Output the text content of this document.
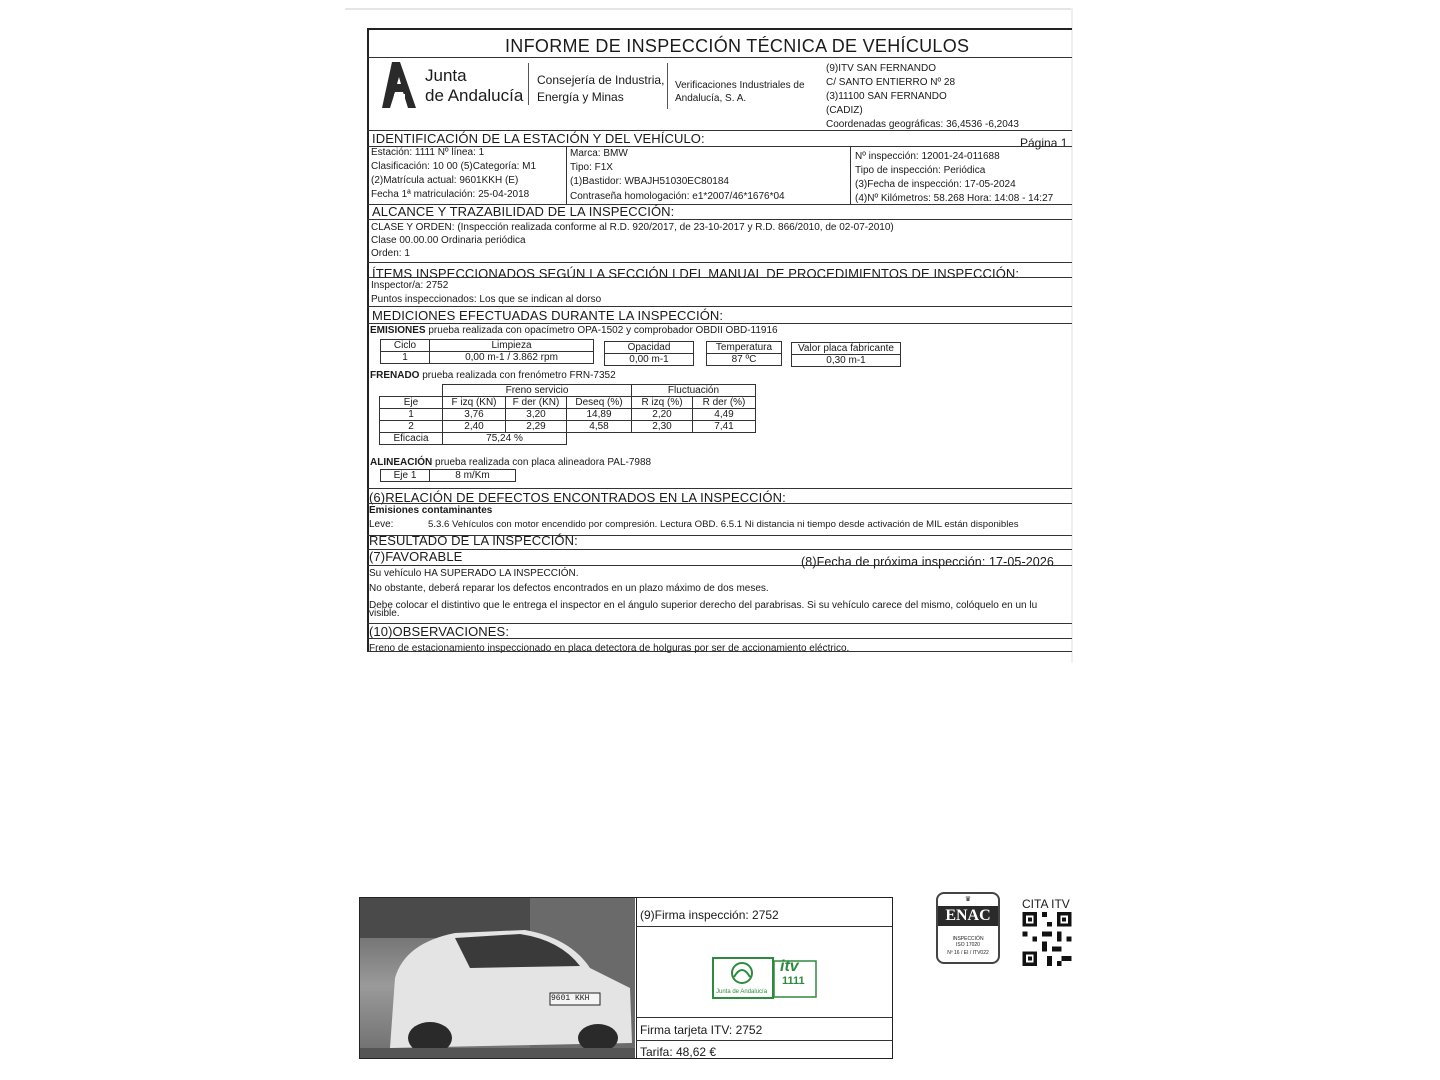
INFORME DE INSPECCIÓN TÉCNICA DE VEHÍCULOS
Junta
de Andalucía
Consejería de Industria,
Energía y Minas
Verificaciones Industriales de
Andalucía, S. A.
(9)ITV SAN FERNANDO
C/ SANTO ENTIERRO Nº 28
(3)11100 SAN FERNANDO
(CADIZ)
Coordenadas geográficas: 36,4536 -6,2043
IDENTIFICACIÓN DE LA ESTACIÓN Y DEL VEHÍCULO:	Página 1
Estación: 1111 Nº línea: 1
Clasificación: 10 00 (5)Categoría: M1
(2)Matrícula actual: 9601KKH (E)
Fecha 1ª matriculación: 25-04-2018
Marca: BMW
Tipo: F1X
(1)Bastidor: WBAJH51030EC80184
Contraseña homologación: e1*2007/46*1676*04
Nº inspección: 12001-24-011688
Tipo de inspección: Periódica
(3)Fecha de inspección: 17-05-2024
(4)Nº Kilómetros: 58.268 Hora: 14:08 - 14:27
ALCANCE Y TRAZABILIDAD DE LA INSPECCIÓN:
CLASE Y ORDEN: (Inspección realizada conforme al R.D. 920/2017, de 23-10-2017 y R.D. 866/2010, de 02-07-2010)
Clase 00.00.00 Ordinaria periódica
Orden: 1
ÍTEMS INSPECCIONADOS SEGÚN LA SECCIÓN I DEL MANUAL DE PROCEDIMIENTOS DE INSPECCIÓN:
Inspector/a: 2752
Puntos inspeccionados: Los que se indican al dorso
MEDICIONES EFECTUADAS DURANTE LA INSPECCIÓN:
EMISIONES prueba realizada con opacímetro OPA-1502 y comprobador OBDII OBD-11916
Ciclo	Limpieza
1	0,00 m-1 / 3.862 rpm
Opacidad
0,00 m-1
Temperatura
87 ºC
Valor placa fabricante
0,30 m-1
FRENADO prueba realizada con frenómetro FRN-7352
	Freno servicio			Fluctuación	
Eje	F izq (KN)	F der (KN)	Deseq (%)	R izq (%)	R der (%)
1	3,76	3,20	14,89	2,20	4,49
2	2,40	2,29	4,58	2,30	7,41
Eficacia	75,24 %				
ALINEACIÓN prueba realizada con placa alineadora PAL-7988
Eje 1	8 m/Km
(6)RELACIÓN DE DEFECTOS ENCONTRADOS EN LA INSPECCIÓN:
Emisiones contaminantes
Leve:	5.3.6 Vehículos con motor encendido por compresión. Lectura OBD. 6.5.1 Ni distancia ni tiempo desde activación de MIL están disponibles
RESULTADO DE LA INSPECCIÓN:
(7)FAVORABLE	(8)Fecha de próxima inspección: 17-05-2026
Su vehículo HA SUPERADO LA INSPECCIÓN.
No obstante, deberá reparar los defectos encontrados en un plazo máximo de dos meses.
Debe colocar el distintivo que le entrega el inspector en el ángulo superior derecho del parabrisas. Si su vehículo carece del mismo, colóquelo en un lu
visible.
(10)OBSERVACIONES:
Freno de estacionamiento inspeccionado en placa detectora de holguras por ser de accionamiento eléctrico.
9601 KKH
(9)Firma inspección: 2752
Junta de Andalucía
itv
1111
Firma tarjeta ITV: 2752
Tarifa: 48,62 €
♛
ENAC
INSPECCIÓN
ISO 17020
Nº 16 / EI / ITV022
CITA ITV
